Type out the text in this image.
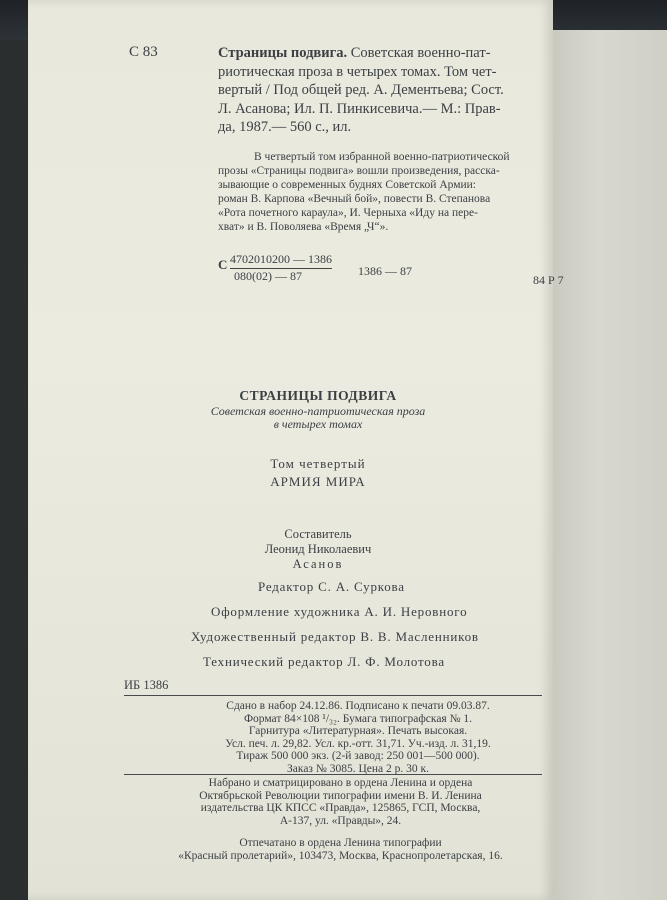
С 83	Страницы подвига. Советская военно-пат-
риотическая проза в четырех томах. Том чет-
вертый / Под общей ред. А. Дементьева; Сост.
Л. Асанова; Ил. П. Пинкисевича.— М.: Прав-
да, 1987.— 560 с., ил.
В четвертый том избранной военно-патриотической
прозы «Страницы подвига» вошли произведения, расска-
зывающие о современных буднях Советской Армии:
роман В. Карпова «Вечный бой», повести В. Степанова
«Рота почетного караула», И. Черныха «Иду на пере-
хват» и В. Поволяева «Время „Ч“».
С 4702010200 — 1386
080(02) — 87	1386 — 87
84 Р 7
СТРАНИЦЫ ПОДВИГА
Советская военно-патриотическая проза
в четырех томах
Том четвертый
АРМИЯ МИРА
Составитель
Леонид Николаевич
Асанов
Редактор С. А. Суркова
Оформление художника А. И. Неровного
Художественный редактор В. В. Масленников
Технический редактор Л. Ф. Молотова
ИБ 1386
Сдано в набор 24.12.86. Подписано к печати 09.03.87.
Формат 84×108 ¹/₃₂. Бумага типографская № 1.
Гарнитура «Литературная». Печать высокая.
Усл. печ. л. 29,82. Усл. кр.-отт. 31,71. Уч.-изд. л. 31,19.
Тираж 500 000 экз. (2-й завод: 250 001—500 000).
Заказ № 3085. Цена 2 р. 30 к.
Набрано и сматрицировано в ордена Ленина и ордена
Октябрьской Революции типографии имени В. И. Ленина
издательства ЦК КПСС «Правда», 125865, ГСП, Москва,
А-137, ул. «Правды», 24.
Отпечатано в ордена Ленина типографии
«Красный пролетарий», 103473, Москва, Краснопролетарская, 16.
